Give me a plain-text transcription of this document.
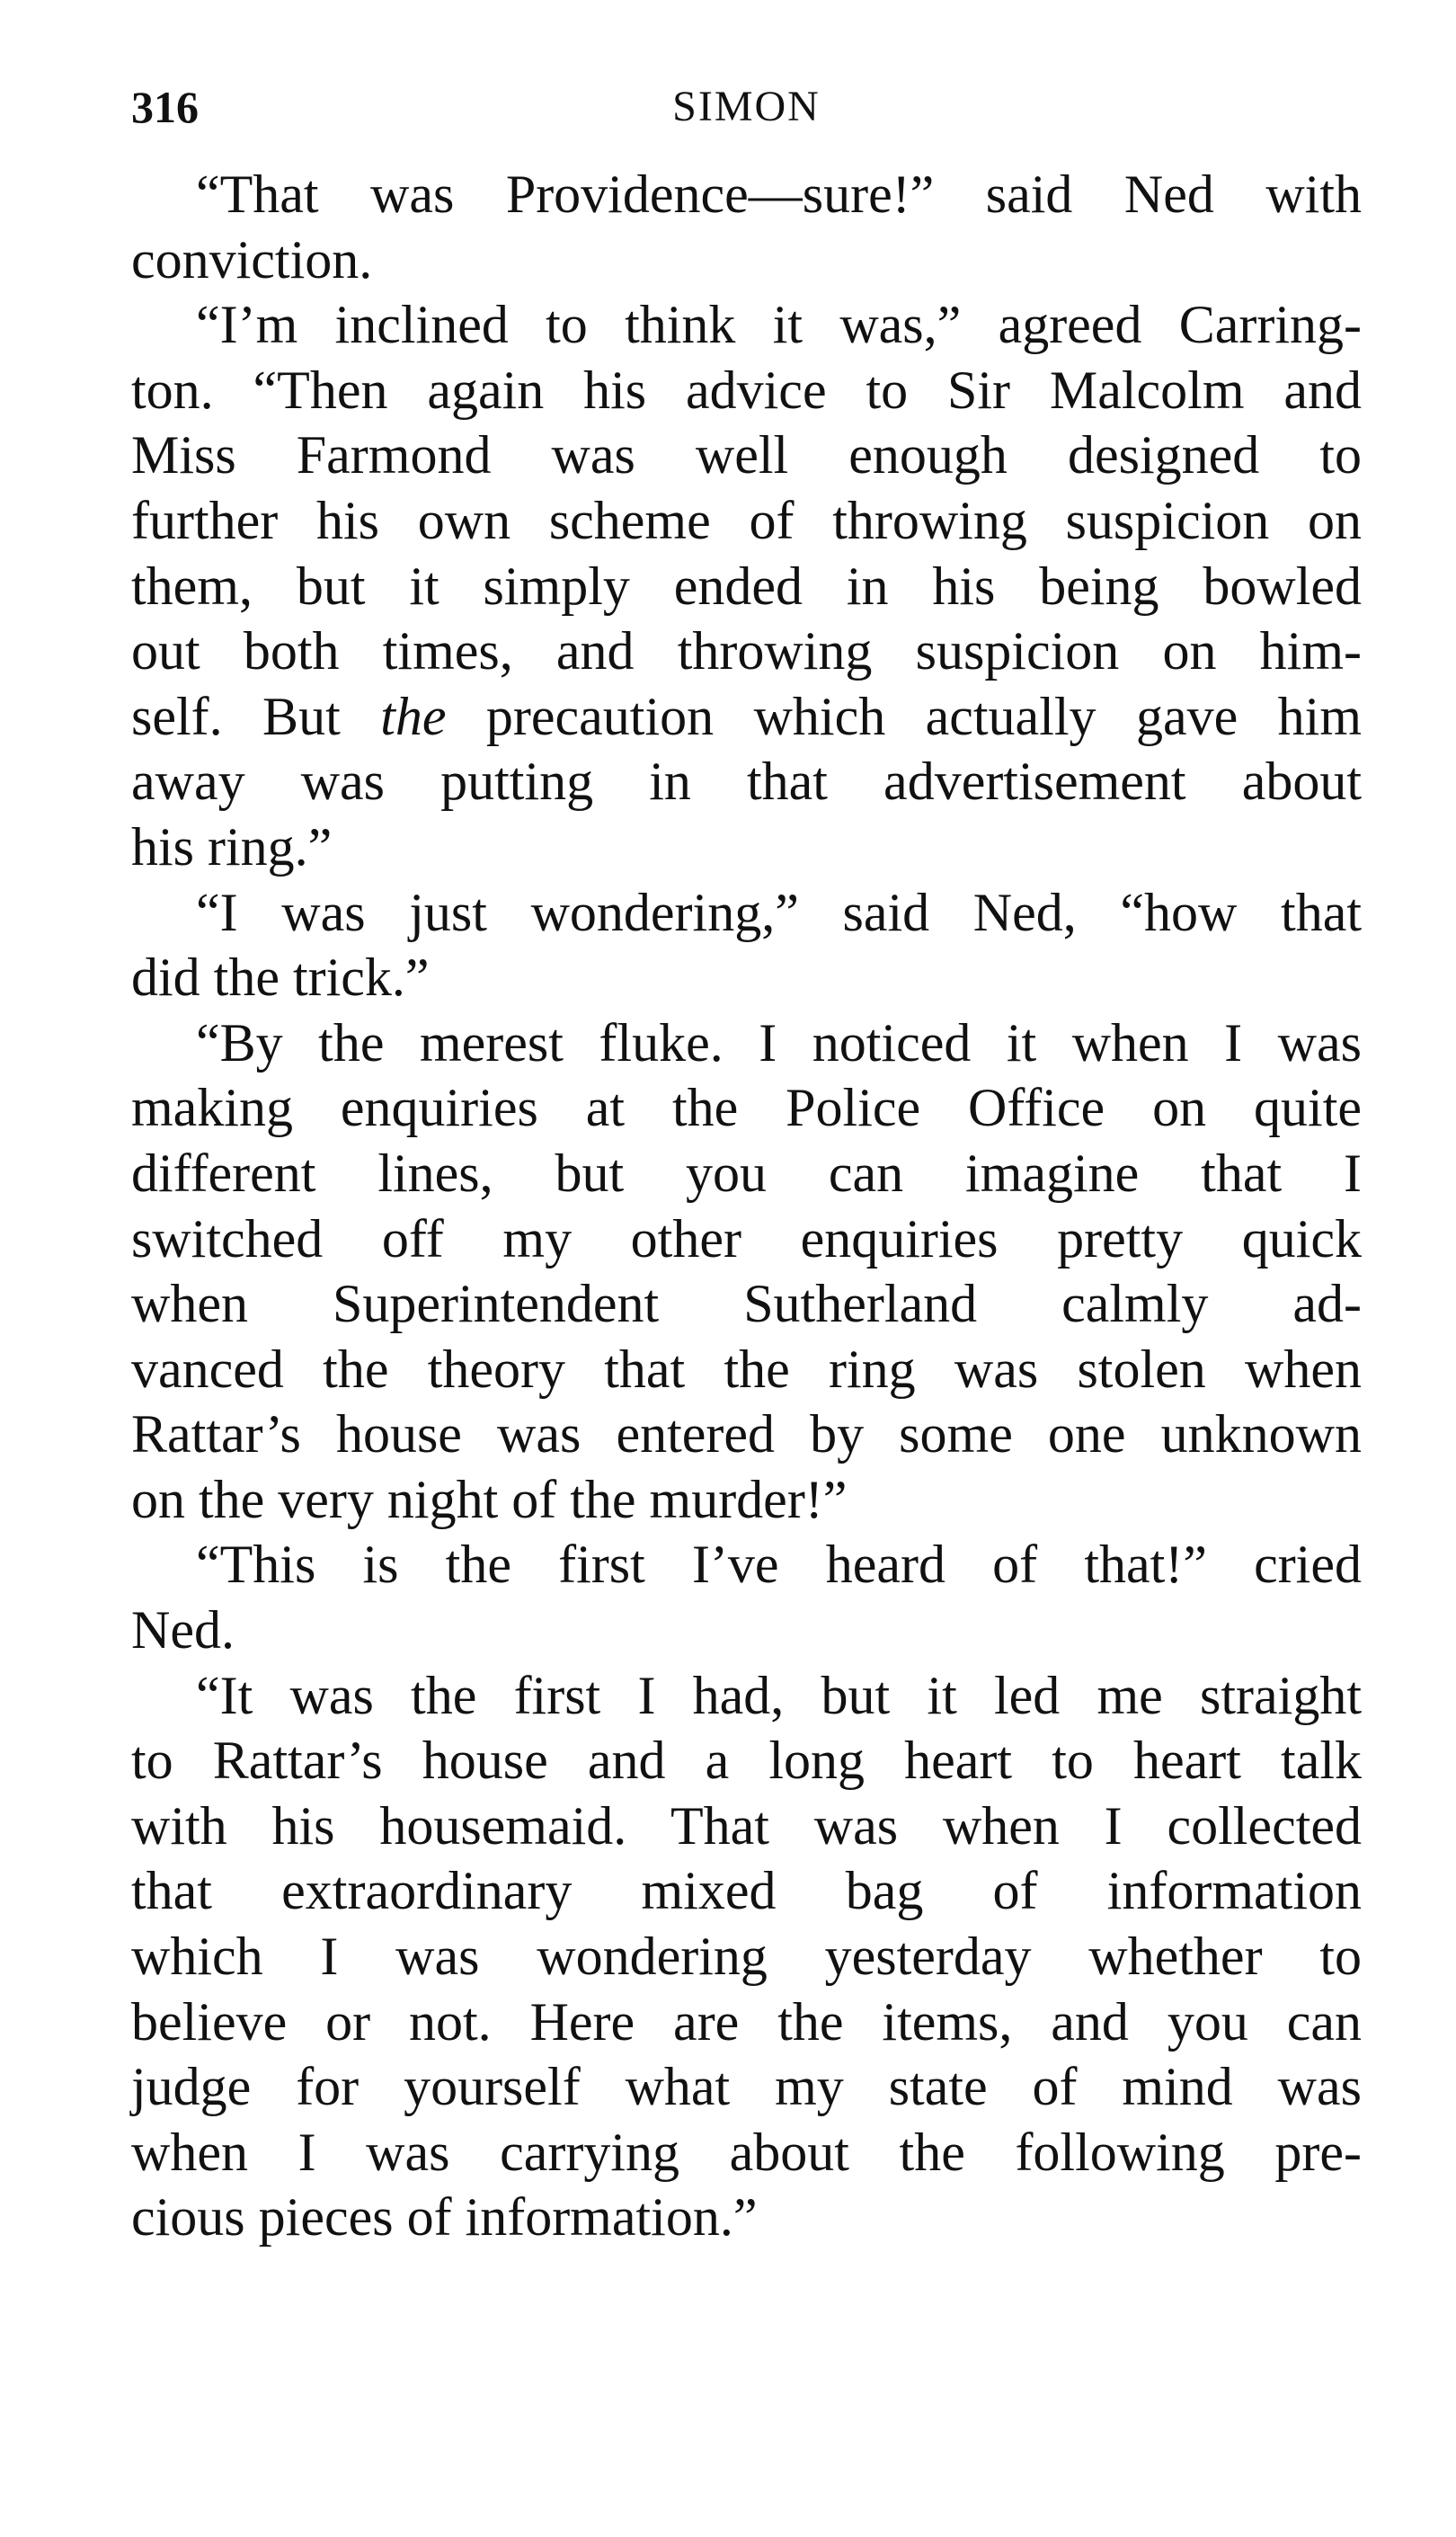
316	SIMON
“That was Providence—sure!” said Ned with
conviction.
“I’m inclined to think it was,” agreed Carring-
ton. “Then again his advice to Sir Malcolm and
Miss Farmond was well enough designed to
further his own scheme of throwing suspicion on
them, but it simply ended in his being bowled
out both times, and throwing suspicion on him-
self. But the precaution which actually gave him
away was putting in that advertisement about
his ring.”
“I was just wondering,” said Ned, “how that
did the trick.”
“By the merest fluke. I noticed it when I was
making enquiries at the Police Office on quite
different lines, but you can imagine that I
switched off my other enquiries pretty quick
when Superintendent Sutherland calmly ad-
vanced the theory that the ring was stolen when
Rattar’s house was entered by some one unknown
on the very night of the murder!”
“This is the first I’ve heard of that!” cried
Ned.
“It was the first I had, but it led me straight
to Rattar’s house and a long heart to heart talk
with his housemaid. That was when I collected
that extraordinary mixed bag of information
which I was wondering yesterday whether to
believe or not. Here are the items, and you can
judge for yourself what my state of mind was
when I was carrying about the following pre-
cious pieces of information.”
